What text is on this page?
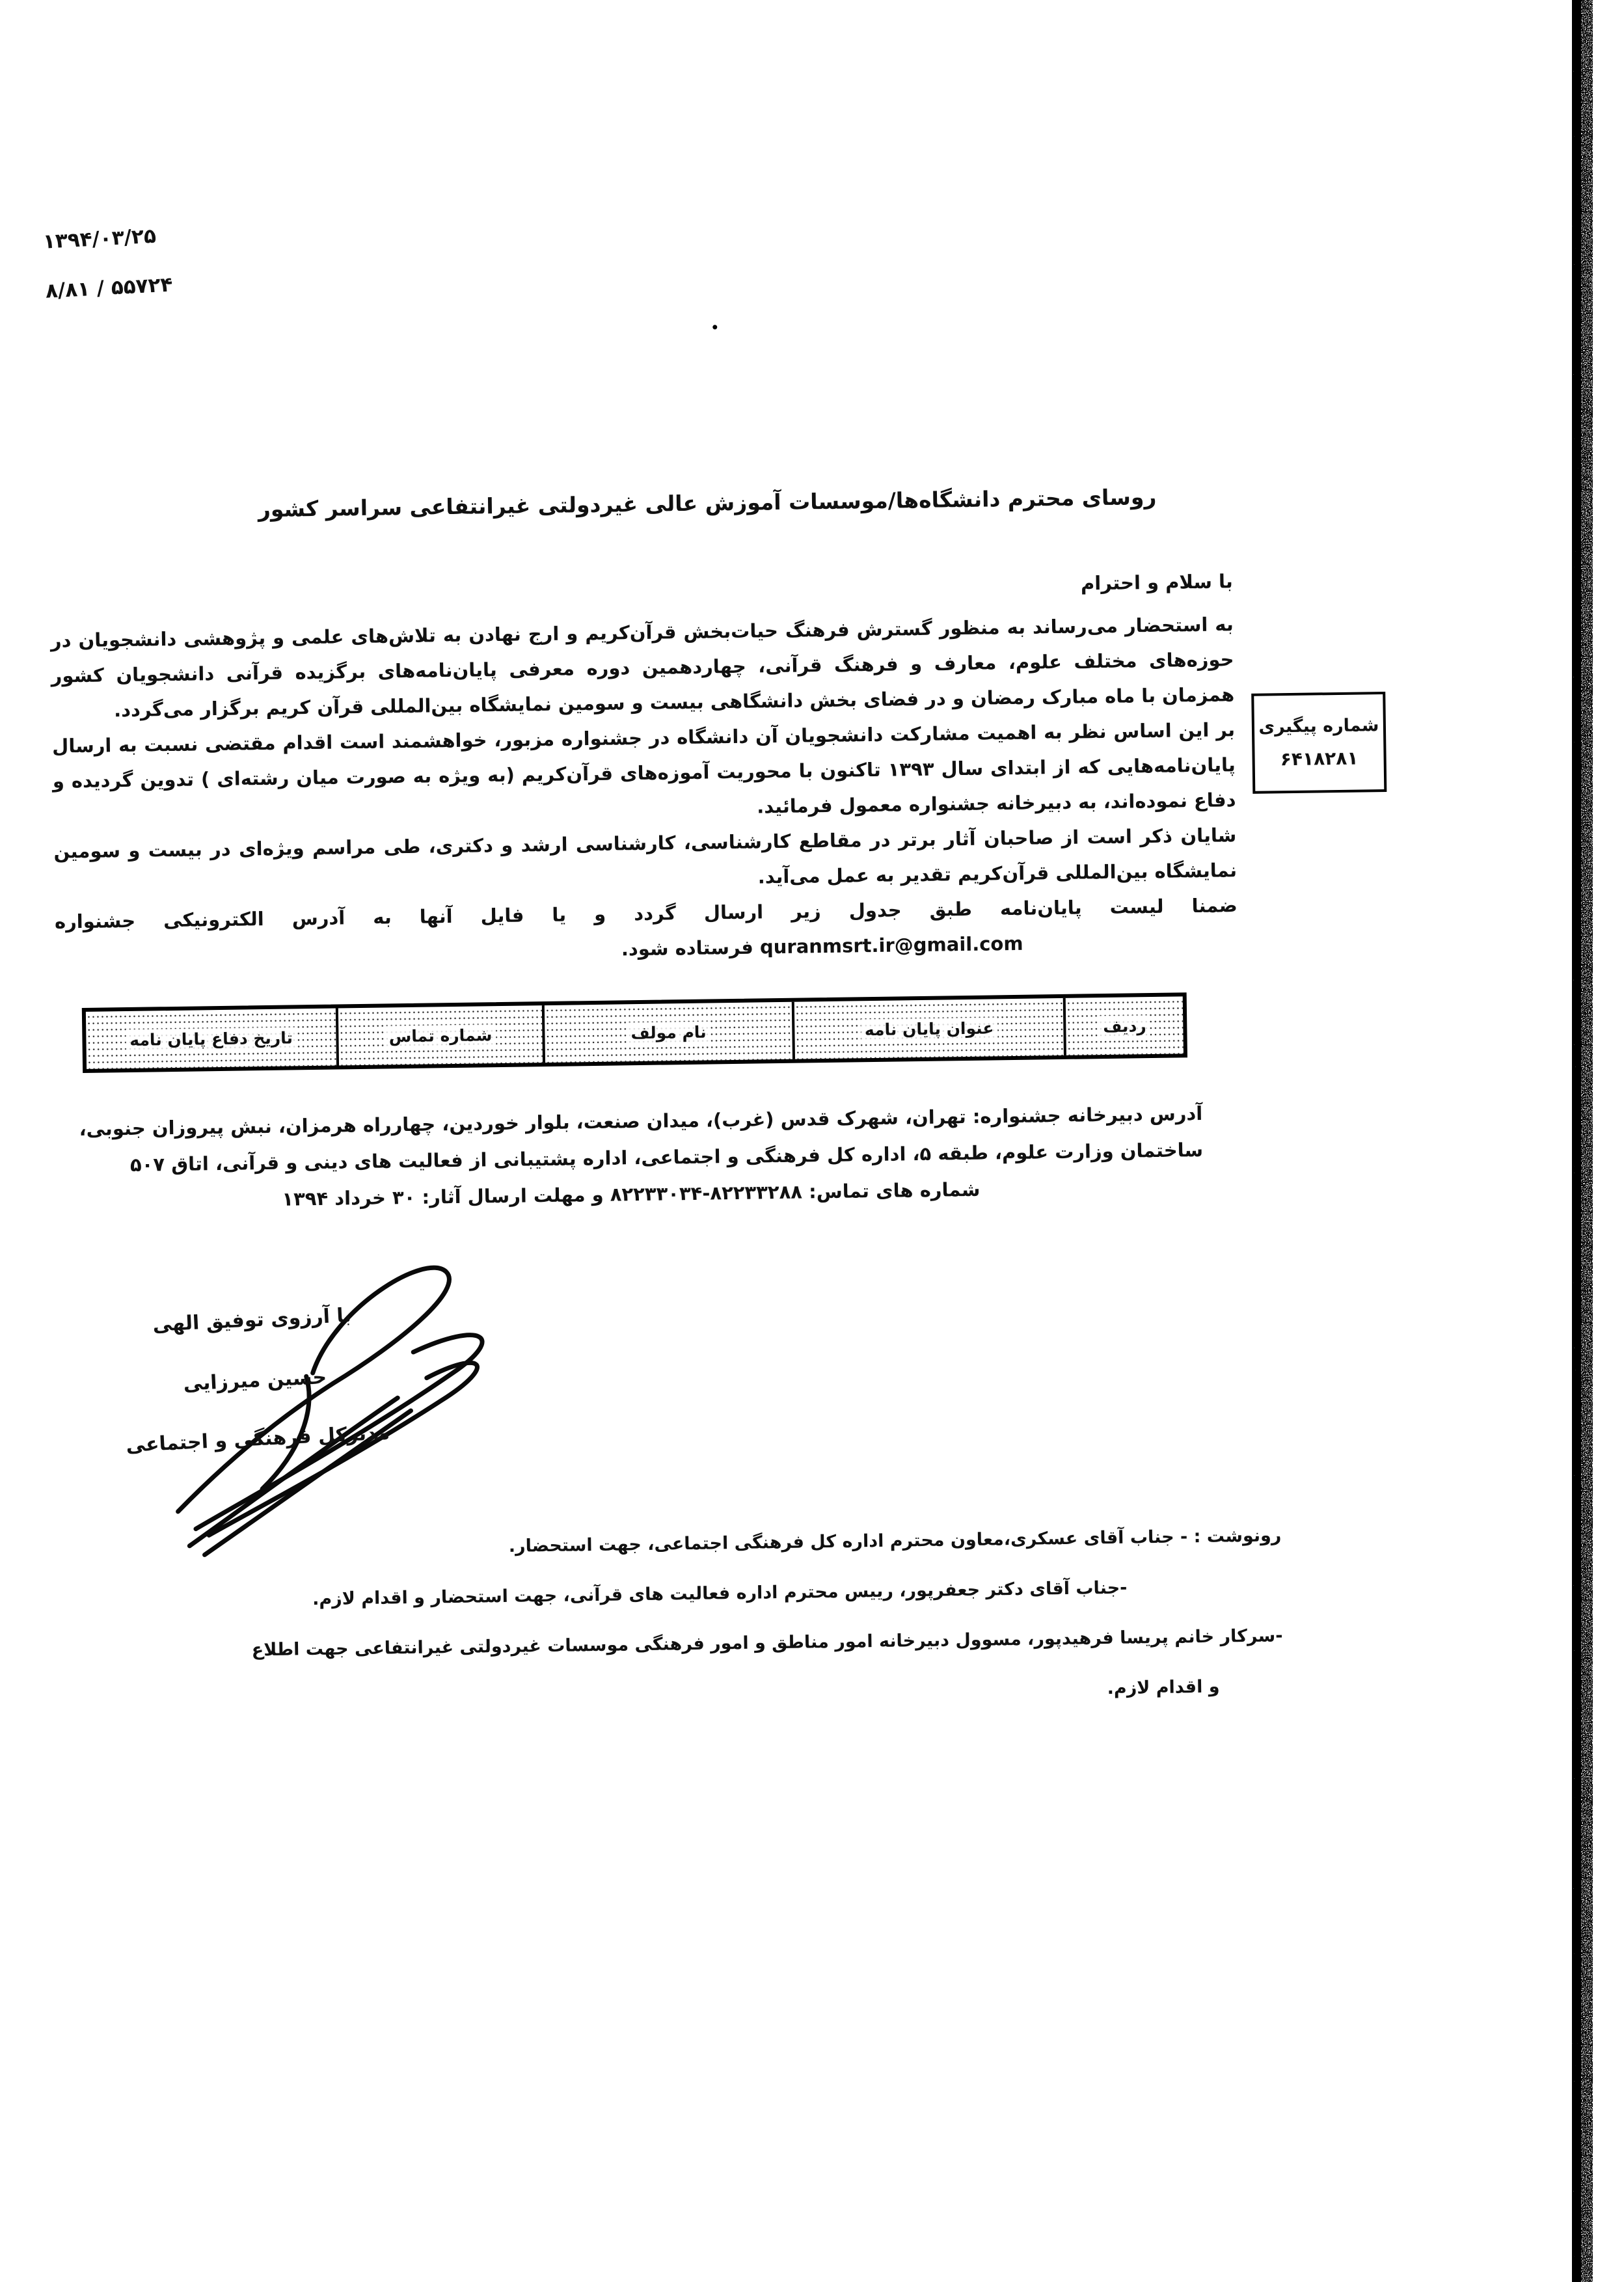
۱۳۹۴/۰۳/۲۵
۸/۸۱ / ۵۵۷۲۴
روسای محترم دانشگاه‌ها/موسسات آموزش عالی غیردولتی غیرانتفاعی سراسر کشور
با سلام و احترام

به استحضار می‌رساند به منظور گسترش فرهنگ حیات‌بخش قرآن‌کریم و ارج نهادن به تلاش‌های علمی و پژوهشی دانشجویان در حوزه‌های مختلف علوم، معارف و فرهنگ قرآنی، چهاردهمین دوره معرفی پایان‌نامه‌های برگزیده قرآنی دانشجویان کشور همزمان با ماه مبارک رمضان و در فضای بخش دانشگاهی بیست و سومین نمایشگاه بین‌المللی قرآن کریم برگزار می‌گردد.

بر این اساس نظر به اهمیت مشارکت دانشجویان آن دانشگاه در جشنواره مزبور، خواهشمند است اقدام مقتضی نسبت به ارسال پایان‌نامه‌هایی که از ابتدای سال ۱۳۹۳ تاکنون با محوریت آموزه‌های قرآن‌کریم (به ویژه به صورت میان رشته‌ای ) تدوین گردیده و دفاع نموده‌اند، به دبیرخانه جشنواره معمول فرمائید.

شایان ذکر است از صاحبان آثار برتر در مقاطع کارشناسی، کارشناسی ارشد و دکتری، طی مراسم ویژه‌ای در بیست و سومین نمایشگاه بین‌المللی قرآن‌کریم تقدیر به عمل می‌آید.

ضمنا لیست پایان‌نامه طبق جدول زیر ارسال گردد و یا فایل آنها به آدرس الکترونیکی جشنواره

quranmsrt.ir@gmail.com فرستاده شود.

شماره پیگیری
۶۴۱۸۲۸۱
ردیف
عنوان پایان نامه
نام مولف
شماره تماس
تاریخ دفاع پایان نامه
آدرس دبیرخانه جشنواره: تهران، شهرک قدس (غرب)، میدان صنعت، بلوار خوردین، چهارراه هرمزان، نبش پیروزان جنوبی،
ساختمان وزارت علوم، طبقه ۵، اداره کل فرهنگی و اجتماعی، اداره پشتیبانی از فعالیت های دینی و قرآنی، اتاق ۵۰۷
شماره های تماس: ۸۲۲۳۳۲۸۸-۸۲۲۳۳۰۳۴ و مهلت ارسال آثار: ۳۰ خرداد ۱۳۹۴
با آرزوی توفیق الهی
حسین میرزایی
مدیرکل فرهنگی و اجتماعی
رونوشت : - جناب آقای عسکری،معاون محترم اداره کل فرهنگی اجتماعی، جهت استحضار.
-جناب آقای دکتر جعفرپور، رییس محترم اداره فعالیت های قرآنی، جهت استحضار و اقدام لازم.
-سرکار خانم پریسا فرهیدپور، مسوول دبیرخانه امور مناطق و امور فرهنگی موسسات غیردولتی غیرانتفاعی جهت اطلاع
و اقدام لازم.
